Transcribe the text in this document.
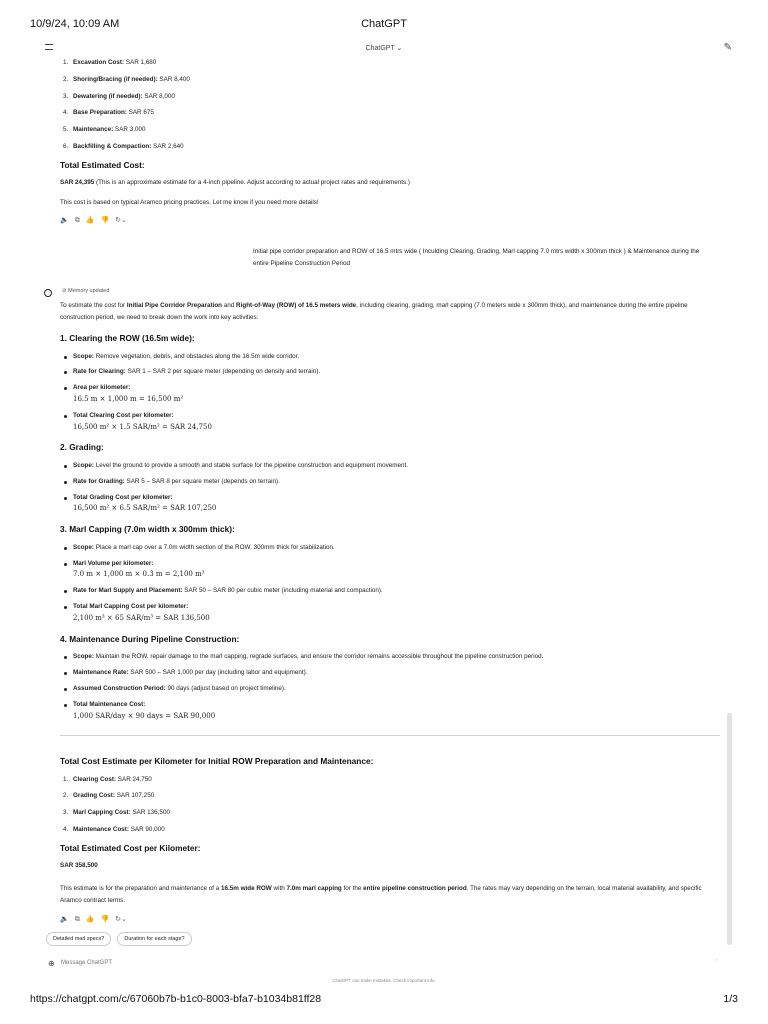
10/9/24, 10:09 AM	ChatGPT
ChatGPT ⌄	✎
1. Excavation Cost: SAR 1,680
2. Shoring/Bracing (if needed): SAR 8,400
3. Dewatering (if needed): SAR 8,000
4. Base Preparation: SAR 675
5. Maintenance: SAR 3,000
6. Backfilling & Compaction: SAR 2,640
Total Estimated Cost:
SAR 24,395 (This is an approximate estimate for a 4-inch pipeline. Adjust according to actual project rates and requirements.)
This cost is based on typical Aramco pricing practices. Let me know if you need more details!
🔈 ⧉ 👍 👎 ↻⌄
Initial pipe corridor preparation and ROW of 16.5 mtrs wide ( Inculding Clearing, Grading, Marl capping 7.0 mtrs width x 300mm thick ) & Maintenance during the entire Pipeline Construction Period
⊘ Memory updated
To estimate the cost for Initial Pipe Corridor Preparation and Right-of-Way (ROW) of 16.5 meters wide, including clearing, grading, marl capping (7.0 meters wide x 300mm thick), and maintenance during the entire pipeline construction period, we need to break down the work into key activities:
1. Clearing the ROW (16.5m wide):
Scope: Remove vegetation, debris, and obstacles along the 16.5m wide corridor.
Rate for Clearing: SAR 1 – SAR 2 per square meter (depending on density and terrain).
Area per kilometer:
16.5 m × 1,000 m = 16,500 m²
Total Clearing Cost per kilometer:
16,500 m² × 1.5 SAR/m² = SAR 24,750
2. Grading:
Scope: Level the ground to provide a smooth and stable surface for the pipeline construction and equipment movement.
Rate for Grading: SAR 5 – SAR 8 per square meter (depends on terrain).
Total Grading Cost per kilometer:
16,500 m² × 6.5 SAR/m² = SAR 107,250
3. Marl Capping (7.0m width x 300mm thick):
Scope: Place a marl cap over a 7.0m width section of the ROW, 300mm thick for stabilization.
Marl Volume per kilometer:
7.0 m × 1,000 m × 0.3 m = 2,100 m³
Rate for Marl Supply and Placement: SAR 50 – SAR 80 per cubic meter (including material and compaction).
Total Marl Capping Cost per kilometer:
2,100 m³ × 65 SAR/m³ = SAR 136,500
4. Maintenance During Pipeline Construction:
Scope: Maintain the ROW, repair damage to the marl capping, regrade surfaces, and ensure the corridor remains accessible throughout the pipeline construction period.
Maintenance Rate: SAR 500 – SAR 1,000 per day (including labor and equipment).
Assumed Construction Period: 90 days (adjust based on project timeline).
Total Maintenance Cost:
1,000 SAR/day × 90 days = SAR 90,000
Total Cost Estimate per Kilometer for Initial ROW Preparation and Maintenance:
1. Clearing Cost: SAR 24,750
2. Grading Cost: SAR 107,250
3. Marl Capping Cost: SAR 136,500
4. Maintenance Cost: SAR 90,000
Total Estimated Cost per Kilometer:
SAR 358,500
This estimate is for the preparation and maintenance of a 16.5m wide ROW with 7.0m marl capping for the entire pipeline construction period. The rates may vary depending on the terrain, local material availability, and specific Aramco contract terms.
🔈 ⧉ 👍 👎 ↻⌄
Detailed marl specs?	Duration for each stage?
⊕ Message ChatGPT	↑
ChatGPT can make mistakes. Check important info.
https://chatgpt.com/c/67060b7b-b1c0-8003-bfa7-b1034b81ff28	1/3
